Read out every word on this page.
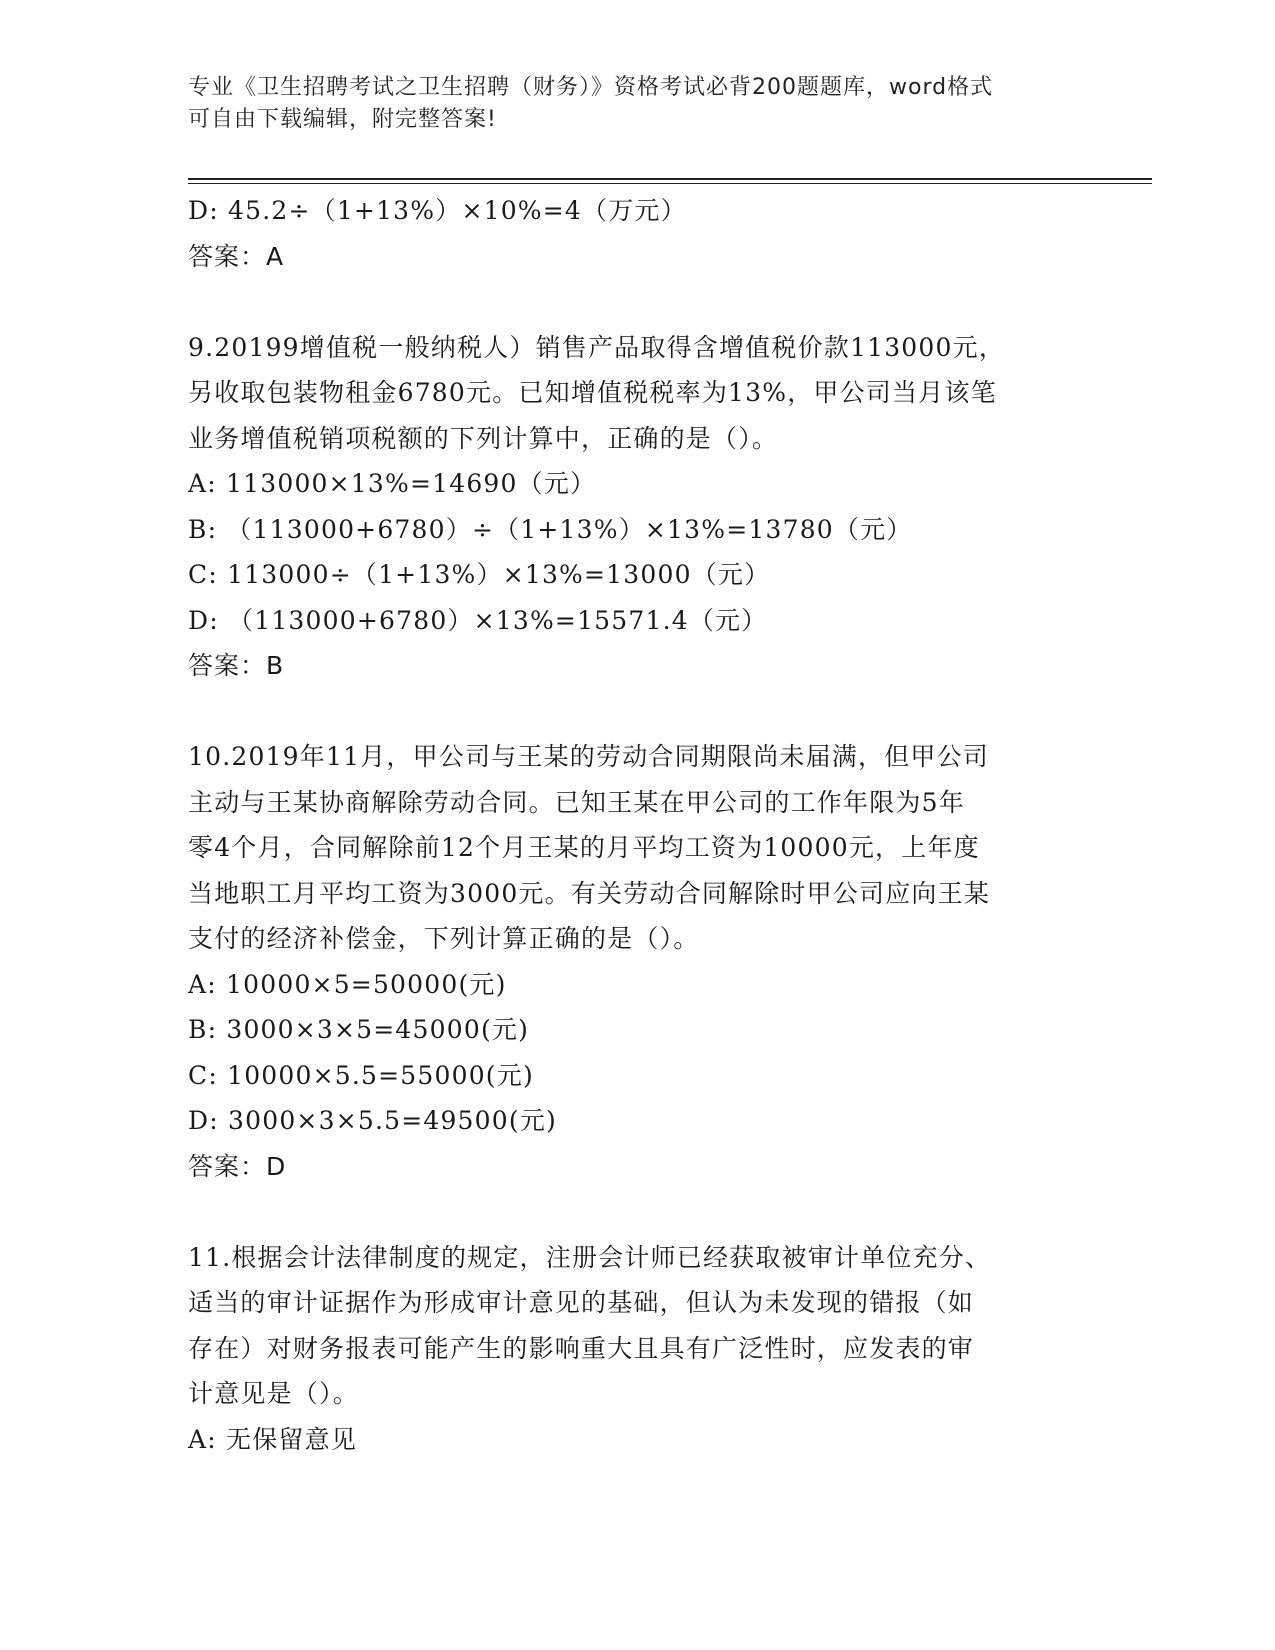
专业《卫生招聘考试之卫生招聘（财务）》资格考试必背200题题库，word格式
可自由下载编辑，附完整答案!
D: 45.2÷（1+13%）×10%=4（万元）
答案：A
9.20199增值税一般纳税人）销售产品取得含增值税价款113000元，
另收取包装物租金6780元。已知增值税税率为13%，甲公司当月该笔
业务增值税销项税额的下列计算中，正确的是（）。
A: 113000×13%=14690（元）
B: （113000+6780）÷（1+13%）×13%=13780（元）
C: 113000÷（1+13%）×13%=13000（元）
D: （113000+6780）×13%=15571.4（元）
答案：B
10.2019年11月，甲公司与王某的劳动合同期限尚未届满，但甲公司
主动与王某协商解除劳动合同。已知王某在甲公司的工作年限为5年
零4个月，合同解除前12个月王某的月平均工资为10000元，上年度
当地职工月平均工资为3000元。有关劳动合同解除时甲公司应向王某
支付的经济补偿金，下列计算正确的是（）。
A: 10000×5=50000(元)
B: 3000×3×5=45000(元)
C: 10000×5.5=55000(元)
D: 3000×3×5.5=49500(元)
答案：D
11.根据会计法律制度的规定，注册会计师已经获取被审计单位充分、
适当的审计证据作为形成审计意见的基础，但认为未发现的错报（如
存在）对财务报表可能产生的影响重大且具有广泛性时，应发表的审
计意见是（）。
A: 无保留意见
